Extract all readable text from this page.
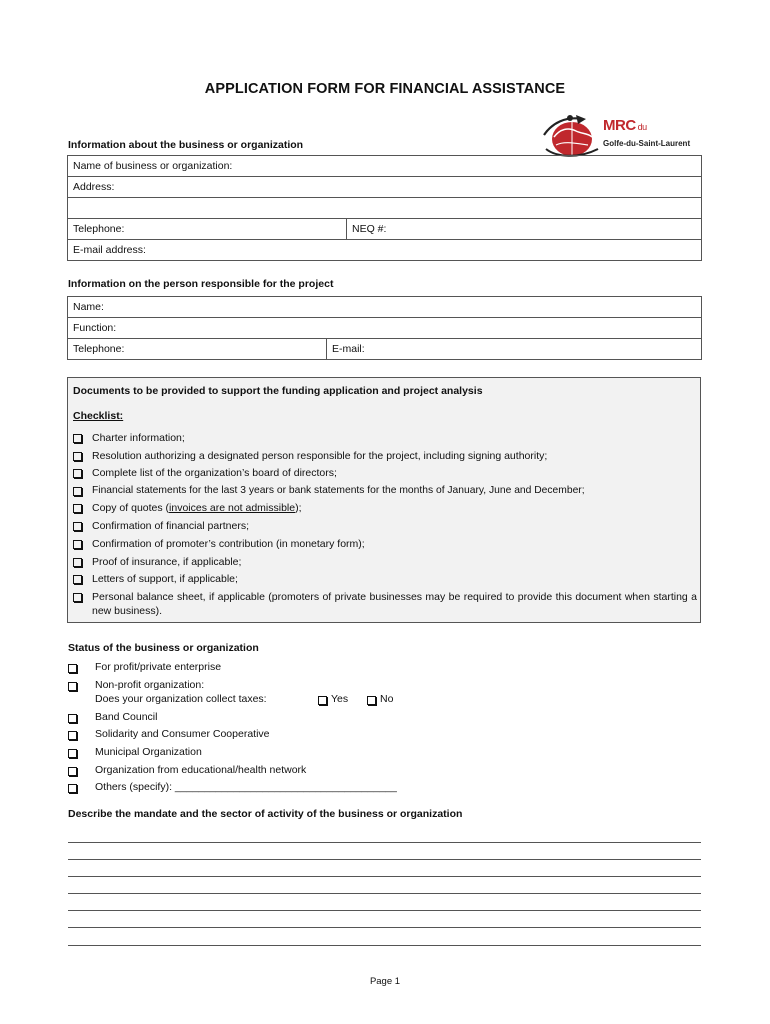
APPLICATION FORM FOR FINANCIAL ASSISTANCE
MRC du
Golfe-du-Saint-Laurent
Information about the business or organization
Name of business or organization:
Address:

Telephone:	NEQ #:
E-mail address:
Information on the person responsible for the project
Name:
Function:
Telephone:	E-mail:
Documents to be provided to support the funding application and project analysis
Checklist:
Charter information;
Resolution authorizing a designated person responsible for the project, including signing authority;
Complete list of the organization’s board of directors;
Financial statements for the last 3 years or bank statements for the months of January, June and December;
Copy of quotes (invoices are not admissible);
Confirmation of financial partners;
Confirmation of promoter’s contribution (in monetary form);
Proof of insurance, if applicable;
Letters of support, if applicable;
Personal balance sheet, if applicable (promoters of private businesses may be required to provide this document when starting a new business).
Status of the business or organization
For profit/private enterprise
Non-profit organization:
Does your organization collect taxes:	Yes	No
Band Council
Solidarity and Consumer Cooperative
Municipal Organization
Organization from educational/health network
Others (specify): ______________________________________
Describe the mandate and the sector of activity of the business or organization
Page 1
